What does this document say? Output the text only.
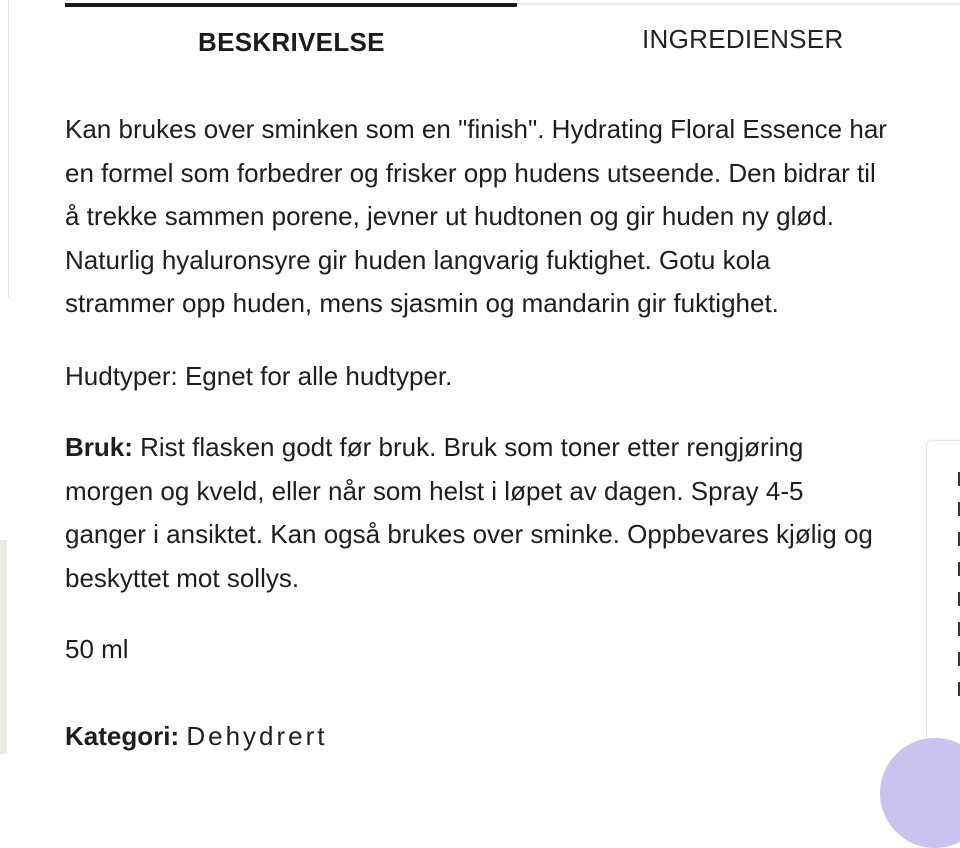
BESKRIVELSE	INGREDIENSER

Kan brukes over sminken som en "finish". Hydrating Floral Essence har

en formel som forbedrer og frisker opp hudens utseende. Den bidrar til

å trekke sammen porene, jevner ut hudtonen og gir huden ny glød.

Naturlig hyaluronsyre gir huden langvarig fuktighet. Gotu kola

strammer opp huden, mens sjasmin og mandarin gir fuktighet.

Hudtyper: Egnet for alle hudtyper.

Bruk: Rist flasken godt før bruk. Bruk som toner etter rengjøring

morgen og kveld, eller når som helst i løpet av dagen. Spray 4-5

ganger i ansiktet. Kan også brukes over sminke. Oppbevares kjølig og

beskyttet mot sollys.

50 ml

Kategori: Dehydrert
